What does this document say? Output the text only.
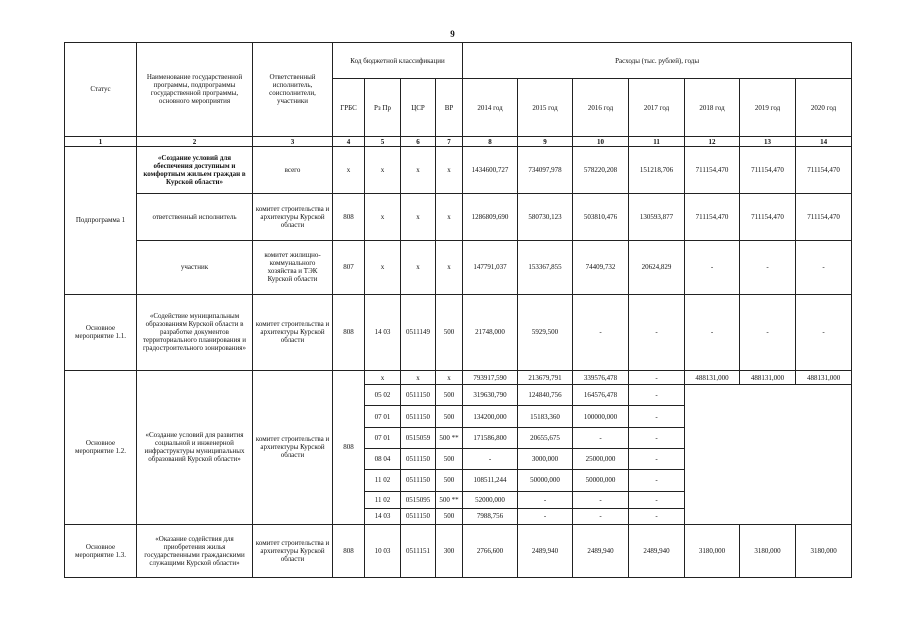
9
Статус	Наименование государственной программы, подпрограммы государственной программы, основного мероприятия	Ответственный исполнитель, соисполнители, участники	Код бюджетной классификации				Расходы (тыс. рублей), годы						
			ГРБС	Рз Пр	ЦСР	ВР	2014 год	2015 год	2016 год	2017 год	2018 год	2019 год	2020 год
1	2	3	4	5	6	7	8	9	10	11	12	13	14
Подпрограмма 1	«Создание условий для обеспечения доступным и комфортным жильем граждан в Курской области»	всего	x	x	x	x	1434600,727	734097,978	578220,208	151218,706	711154,470	711154,470	711154,470
	ответственный исполнитель	комитет строительства и архитектуры Курской области	808	x	x	x	1286809,690	580730,123	503810,476	130593,877	711154,470	711154,470	711154,470
	участник	комитет жилищно-коммунального хозяйства и ТЭК Курской области	807	x	x	x	147791,037	153367,855	74409,732	20624,829	-	-	-
Основное мероприятие 1.1.	«Содействие муниципальным образованиям Курской области в разработке документов территориального планирования и градостроительного зонирования»	комитет строительства и архитектуры Курской области	808	14 03	0511149	500	21748,000	5929,500	-	-	-	-	-
Основное мероприятие 1.2.	«Создание условий для развития социальной и инженерной инфраструктуры муниципальных образований Курской области»	комитет строительства и архитектуры Курской области	808	x	x	x	793917,590	213679,791	339576,478	-	488131,000	488131,000	488131,000
				05 02	0511150	500	319630,790	124840,756	164576,478	-			
				07 01	0511150	500	134200,000	15183,360	100000,000	-			
				07 01	0515059	500 **	171586,800	20655,675	-	-			
				08 04	0511150	500	-	3000,000	25000,000	-			
				11 02	0511150	500	108511,244	50000,000	50000,000	-			
				11 02	0515095	500 **	52000,000	-	-	-			
				14 03	0511150	500	7988,756	-	-	-			
Основное мероприятие 1.3.	«Оказание содействия для приобретения жилья государственными гражданскими служащими Курской области»	комитет строительства и архитектуры Курской области	808	10 03	0511151	300	2766,600	2489,940	2489,940	2489,940	3180,000	3180,000	3180,000
